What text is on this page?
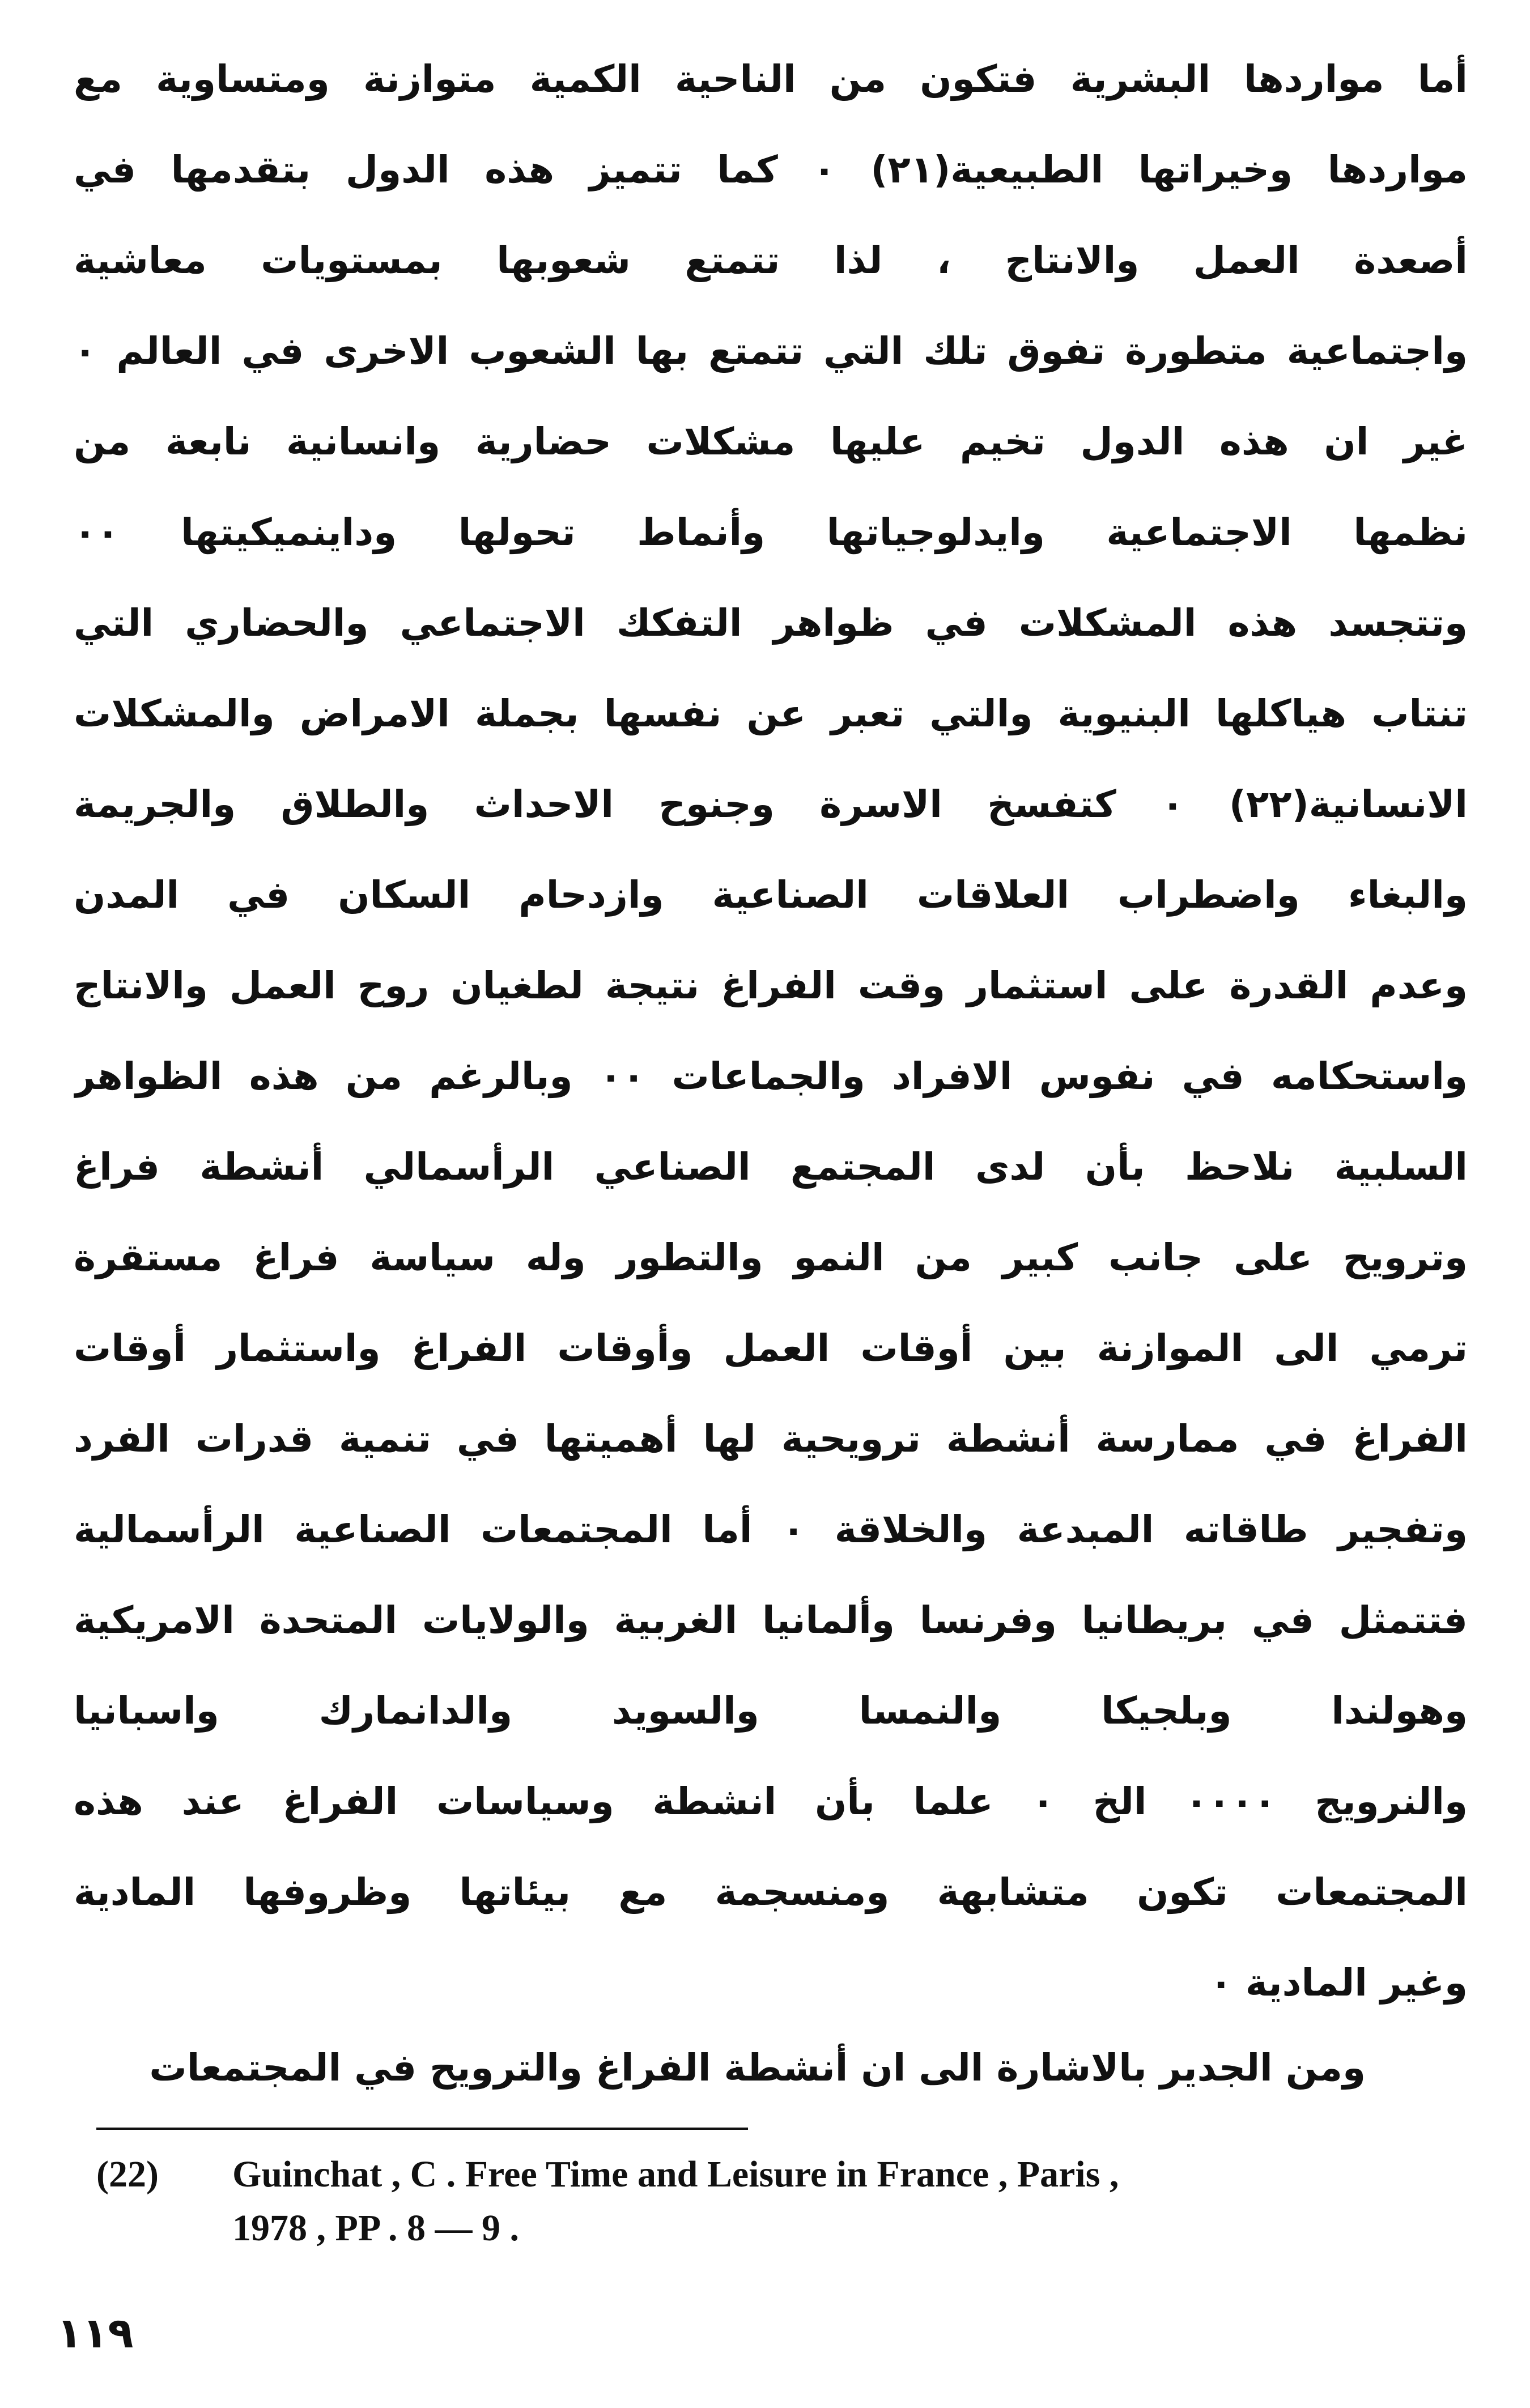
أما مواردها البشرية فتكون من الناحية الكمية متوازنة ومتساوية مع
مواردها وخيراتها الطبيعية(٢١) ٠ كما تتميز هذه الدول بتقدمها في
أصعدة العمل والانتاج ، لذا تتمتع شعوبها بمستويات معاشية
واجتماعية متطورة تفوق تلك التي تتمتع بها الشعوب الاخرى في العالم ٠
غير ان هذه الدول تخيم عليها مشكلات حضارية وانسانية نابعة من
نظمها الاجتماعية وايدلوجياتها وأنماط تحولها وداينميكيتها ٠٠
وتتجسد هذه المشكلات في ظواهر التفكك الاجتماعي والحضاري التي
تنتاب هياكلها البنيوية والتي تعبر عن نفسها بجملة الامراض والمشكلات
الانسانية(٢٢) ٠ كتفسخ الاسرة وجنوح الاحداث والطلاق والجريمة
والبغاء واضطراب العلاقات الصناعية وازدحام السكان في المدن
وعدم القدرة على استثمار وقت الفراغ نتيجة لطغيان روح العمل والانتاج
واستحكامه في نفوس الافراد والجماعات ٠٠ وبالرغم من هذه الظواهر
السلبية نلاحظ بأن لدى المجتمع الصناعي الرأسمالي أنشطة فراغ
وترويح على جانب كبير من النمو والتطور وله سياسة فراغ مستقرة
ترمي الى الموازنة بين أوقات العمل وأوقات الفراغ واستثمار أوقات
الفراغ في ممارسة أنشطة ترويحية لها أهميتها في تنمية قدرات الفرد
وتفجير طاقاته المبدعة والخلاقة ٠ أما المجتمعات الصناعية الرأسمالية
فتتمثل في بريطانيا وفرنسا وألمانيا الغربية والولايات المتحدة الامريكية
وهولندا وبلجيكا والنمسا والسويد والدانمارك واسبانيا
والنرويج ٠٠٠٠ الخ ٠ علما بأن انشطة وسياسات الفراغ عند هذه
المجتمعات تكون متشابهة ومنسجمة مع بيئاتها وظروفها المادية
وغير المادية ٠
ومن الجدير بالاشارة الى ان أنشطة الفراغ والترويح في المجتمعات
(22) Guinchat , C . Free Time and Leisure in France , Paris ,
1978 , PP . 8 — 9 .
١١٩
